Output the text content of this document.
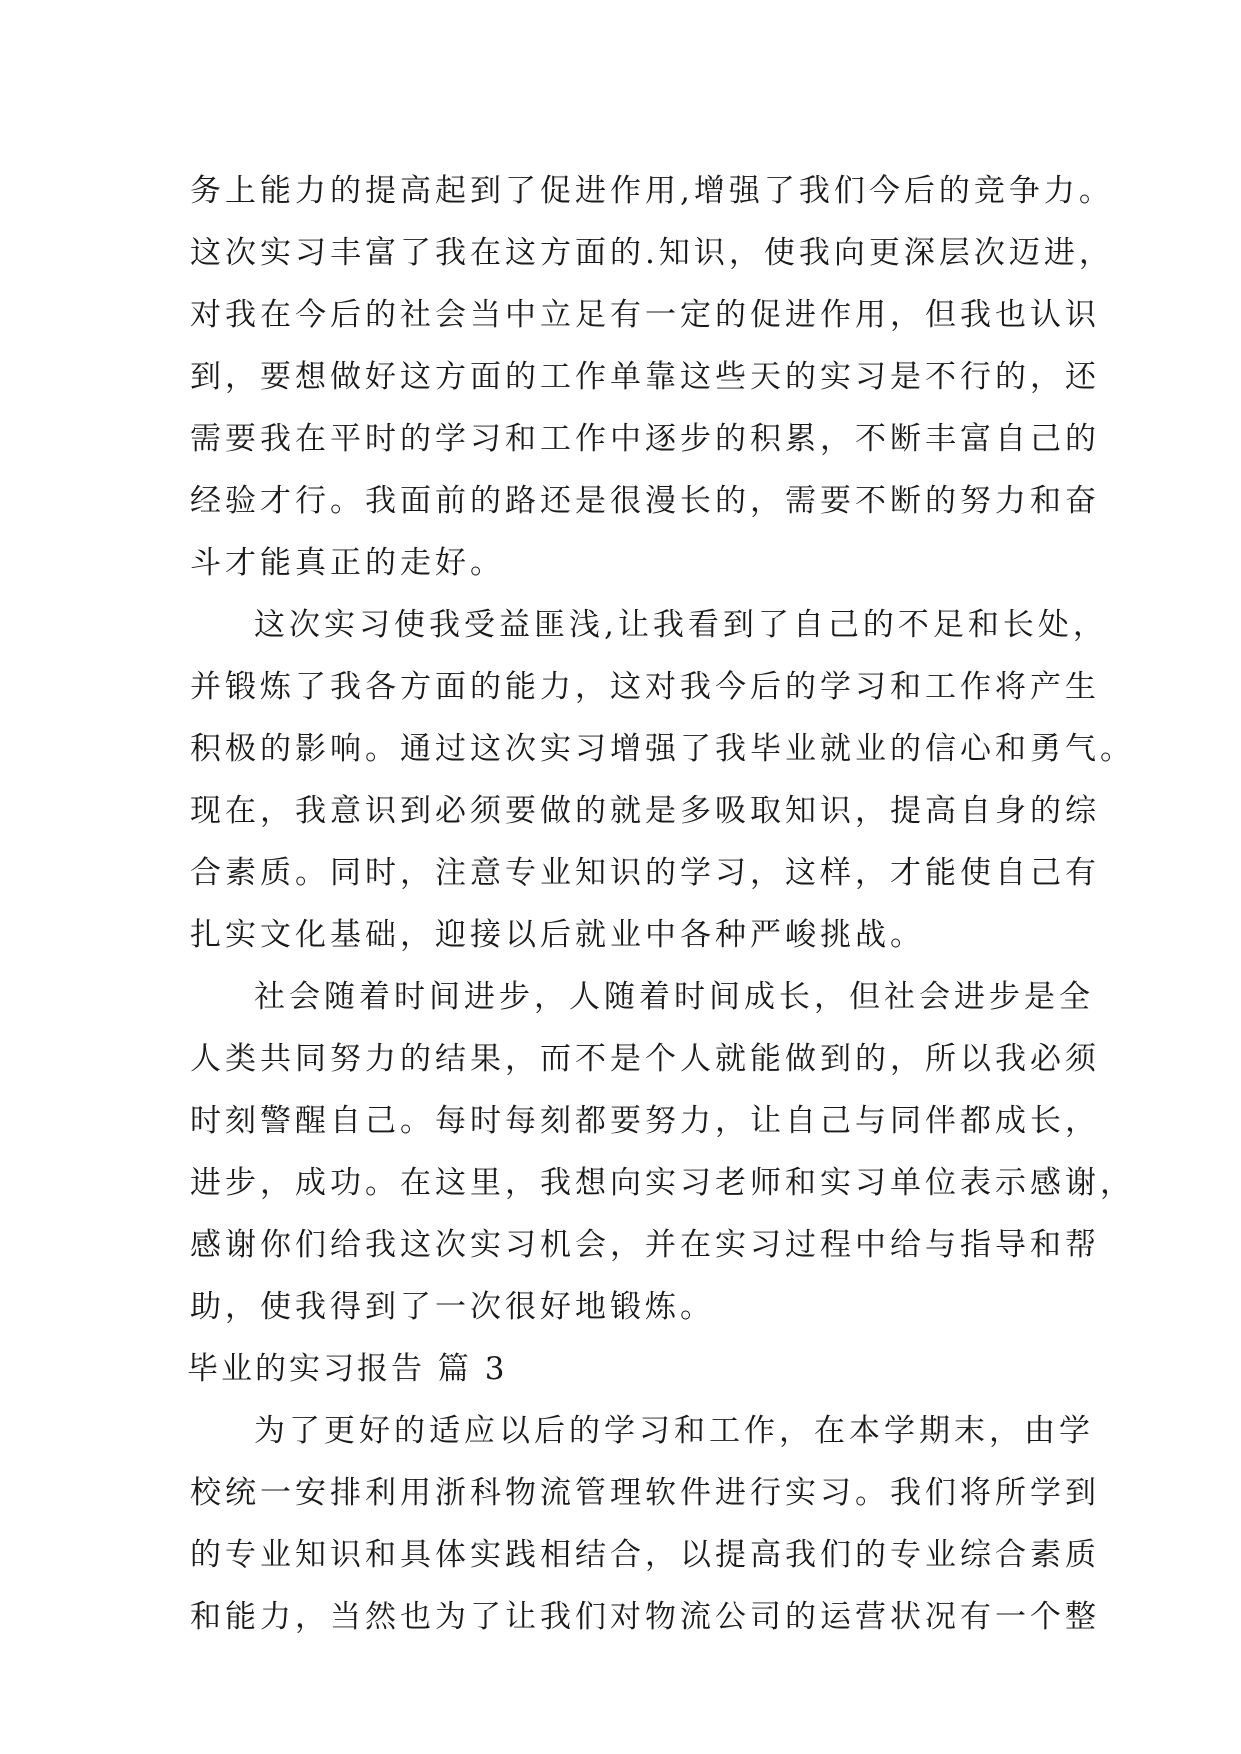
务上能力的提高起到了促进作用,增强了我们今后的竞争力。
这次实习丰富了我在这方面的.知识，使我向更深层次迈进，
对我在今后的社会当中立足有一定的促进作用，但我也认识
到，要想做好这方面的工作单靠这些天的实习是不行的，还
需要我在平时的学习和工作中逐步的积累，不断丰富自己的
经验才行。我面前的路还是很漫长的，需要不断的努力和奋
斗才能真正的走好。
这次实习使我受益匪浅,让我看到了自己的不足和长处，
并锻炼了我各方面的能力，这对我今后的学习和工作将产生
积极的影响。通过这次实习增强了我毕业就业的信心和勇气。
现在，我意识到必须要做的就是多吸取知识，提高自身的综
合素质。同时，注意专业知识的学习，这样，才能使自己有
扎实文化基础，迎接以后就业中各种严峻挑战。
社会随着时间进步，人随着时间成长，但社会进步是全
人类共同努力的结果，而不是个人就能做到的，所以我必须
时刻警醒自己。每时每刻都要努力，让自己与同伴都成长，
进步，成功。在这里，我想向实习老师和实习单位表示感谢，
感谢你们给我这次实习机会，并在实习过程中给与指导和帮
助，使我得到了一次很好地锻炼。
毕业的实习报告 篇 3
为了更好的适应以后的学习和工作，在本学期末，由学
校统一安排利用浙科物流管理软件进行实习。我们将所学到
的专业知识和具体实践相结合，以提高我们的专业综合素质
和能力，当然也为了让我们对物流公司的运营状况有一个整
